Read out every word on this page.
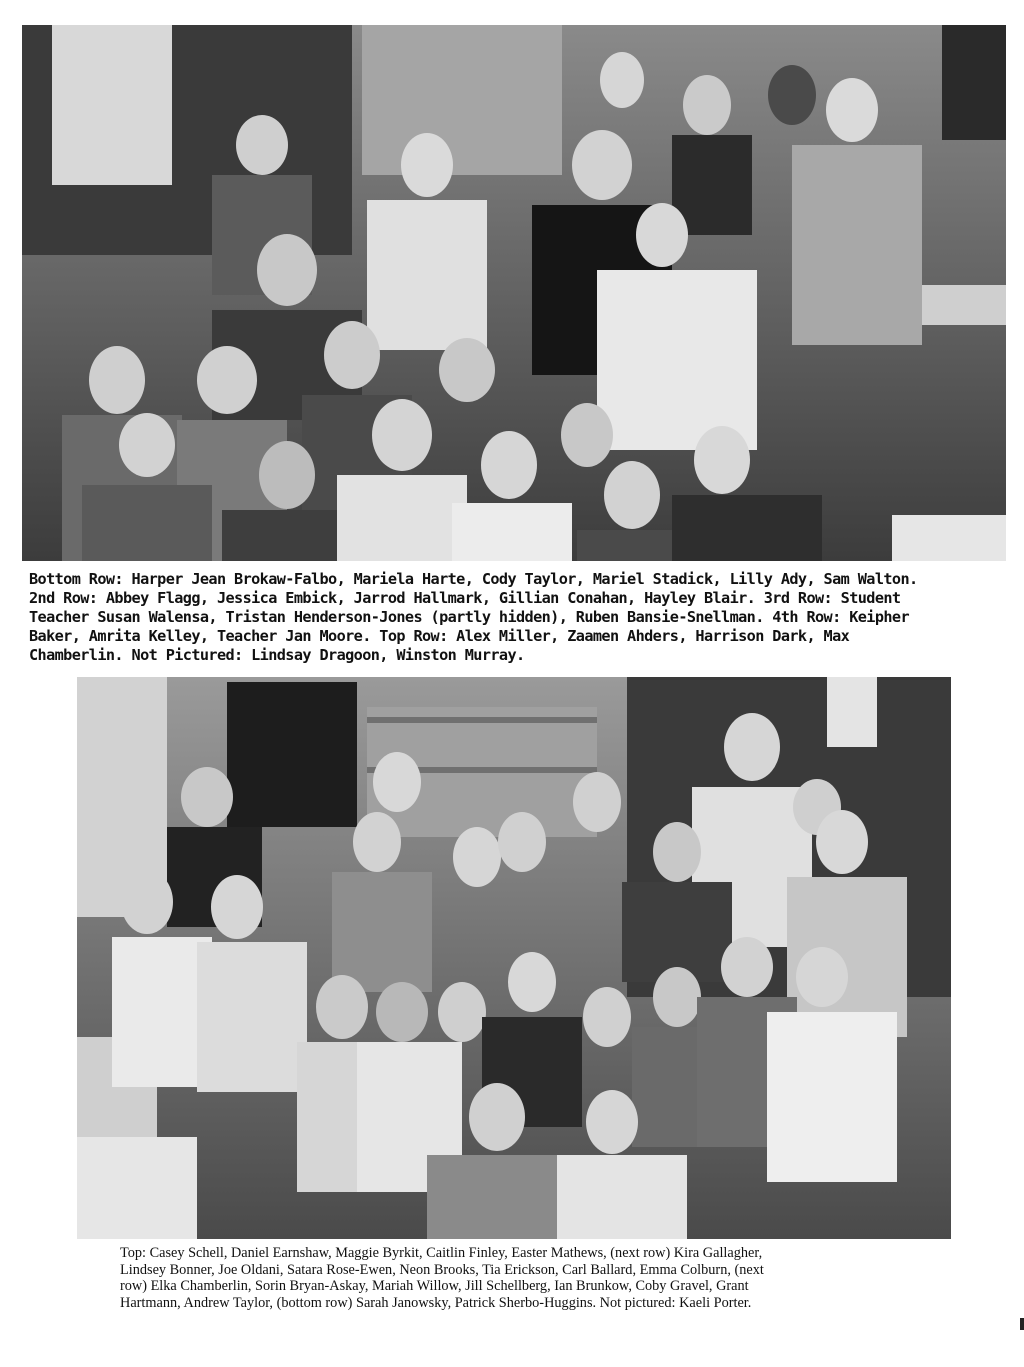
Bottom Row: Harper Jean Brokaw-Falbo, Mariela Harte, Cody Taylor, Mariel Stadick, Lilly Ady, Sam Walton.
2nd Row: Abbey Flagg, Jessica Embick, Jarrod Hallmark, Gillian Conahan, Hayley Blair. 3rd Row: Student
Teacher Susan Walensa, Tristan Henderson-Jones (partly hidden), Ruben Bansie-Snellman. 4th Row: Keipher
Baker, Amrita Kelley, Teacher Jan Moore. Top Row: Alex Miller, Zaamen Ahders, Harrison Dark, Max
Chamberlin. Not Pictured: Lindsay Dragoon, Winston Murray.
Top: Casey Schell, Daniel Earnshaw, Maggie Byrkit, Caitlin Finley, Easter Mathews, (next row) Kira Gallagher,
Lindsey Bonner, Joe Oldani, Satara Rose-Ewen, Neon Brooks, Tia Erickson, Carl Ballard, Emma Colburn, (next
row) Elka Chamberlin, Sorin Bryan-Askay, Mariah Willow, Jill Schellberg, Ian Brunkow, Coby Gravel, Grant
Hartmann, Andrew Taylor, (bottom row) Sarah Janowsky, Patrick Sherbo-Huggins. Not pictured: Kaeli Porter.
